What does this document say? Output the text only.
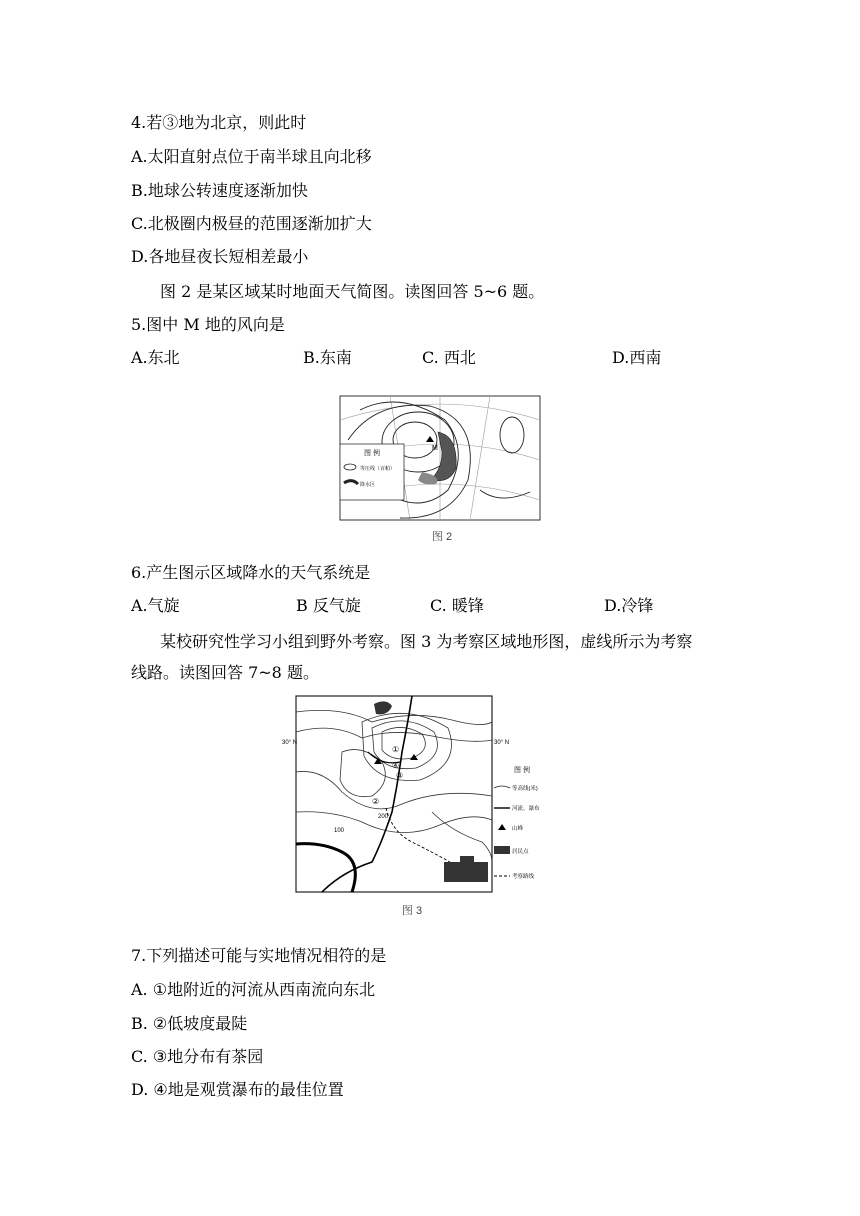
4.若③地为北京，则此时
A.太阳直射点位于南半球且向北移
B.地球公转速度逐渐加快
C.北极圈内极昼的范围逐渐加扩大
D.各地昼夜长短相差最小
图 2 是某区域某时地面天气简图。读图回答 5~6 题。
5.图中 M 地的风向是
A.东北	B.东南	C. 西北	D.西南
M
图 例
等压线（百帕）
降水区
图 2
6.产生图示区域降水的天气系统是
A.气旋	B 反气旋	C. 暖锋	D.冷锋
某校研究性学习小组到野外考察。图 3 为考察区域地形图，虚线所示为考察
线路。读图回答 7~8 题。
①
②
③
④
200
100
30° N	30° N
图 例
等高线(米)
河流、瀑布
山峰
居民点
考察路线
图 3
7.下列描述可能与实地情况相符的是
A. ①地附近的河流从西南流向东北
B. ②低坡度最陡
C. ③地分布有茶园
D. ④地是观赏瀑布的最佳位置
